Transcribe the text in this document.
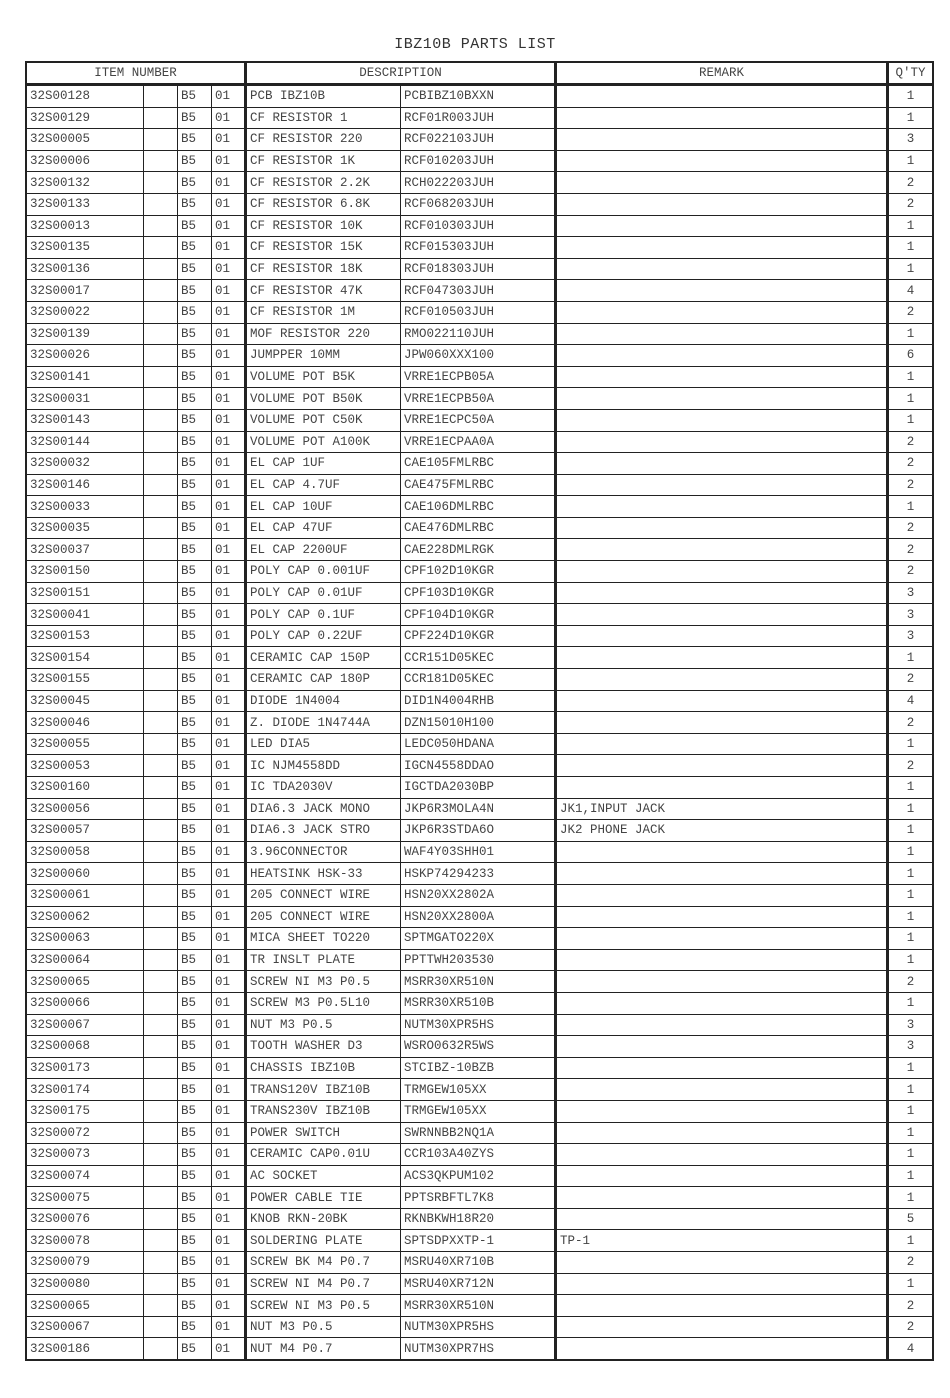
IBZ10B PARTS LIST
ITEM NUMBER				DESCRIPTION		REMARK	Q'TY
32S00128		B5	01	PCB IBZ10B	PCBIBZ10BXXN		1
32S00129		B5	01	CF RESISTOR 1	RCF01R003JUH		1
32S00005		B5	01	CF RESISTOR 220	RCF022103JUH		3
32S00006		B5	01	CF RESISTOR 1K	RCF010203JUH		1
32S00132		B5	01	CF RESISTOR 2.2K	RCH022203JUH		2
32S00133		B5	01	CF RESISTOR 6.8K	RCF068203JUH		2
32S00013		B5	01	CF RESISTOR 10K	RCF010303JUH		1
32S00135		B5	01	CF RESISTOR 15K	RCF015303JUH		1
32S00136		B5	01	CF RESISTOR 18K	RCF018303JUH		1
32S00017		B5	01	CF RESISTOR 47K	RCF047303JUH		4
32S00022		B5	01	CF RESISTOR 1M	RCF010503JUH		2
32S00139		B5	01	MOF RESISTOR 220	RMO022110JUH		1
32S00026		B5	01	JUMPPER 10MM	JPW060XXX100		6
32S00141		B5	01	VOLUME POT B5K	VRRE1ECPB05A		1
32S00031		B5	01	VOLUME POT B50K	VRRE1ECPB50A		1
32S00143		B5	01	VOLUME POT C50K	VRRE1ECPC50A		1
32S00144		B5	01	VOLUME POT A100K	VRRE1ECPAA0A		2
32S00032		B5	01	EL CAP 1UF	CAE105FMLRBC		2
32S00146		B5	01	EL CAP 4.7UF	CAE475FMLRBC		2
32S00033		B5	01	EL CAP 10UF	CAE106DMLRBC		1
32S00035		B5	01	EL CAP 47UF	CAE476DMLRBC		2
32S00037		B5	01	EL CAP 2200UF	CAE228DMLRGK		2
32S00150		B5	01	POLY CAP 0.001UF	CPF102D10KGR		2
32S00151		B5	01	POLY CAP 0.01UF	CPF103D10KGR		3
32S00041		B5	01	POLY CAP 0.1UF	CPF104D10KGR		3
32S00153		B5	01	POLY CAP 0.22UF	CPF224D10KGR		3
32S00154		B5	01	CERAMIC CAP 150P	CCR151D05KEC		1
32S00155		B5	01	CERAMIC CAP 180P	CCR181D05KEC		2
32S00045		B5	01	DIODE 1N4004	DID1N4004RHB		4
32S00046		B5	01	Z. DIODE 1N4744A	DZN15010H100		2
32S00055		B5	01	LED DIA5	LEDC050HDANA		1
32S00053		B5	01	IC NJM4558DD	IGCN4558DDAO		2
32S00160		B5	01	IC TDA2030V	IGCTDA2030BP		1
32S00056		B5	01	DIA6.3 JACK MONO	JKP6R3MOLA4N	JK1,INPUT JACK	1
32S00057		B5	01	DIA6.3 JACK STRO	JKP6R3STDA6O	JK2 PHONE JACK	1
32S00058		B5	01	3.96CONNECTOR	WAF4Y03SHH01		1
32S00060		B5	01	HEATSINK HSK-33	HSKP74294233		1
32S00061		B5	01	205 CONNECT WIRE	HSN20XX2802A		1
32S00062		B5	01	205 CONNECT WIRE	HSN20XX2800A		1
32S00063		B5	01	MICA SHEET TO220	SPTMGATO220X		1
32S00064		B5	01	TR INSLT PLATE	PPTTWH203530		1
32S00065		B5	01	SCREW NI M3 P0.5	MSRR30XR510N		2
32S00066		B5	01	SCREW M3 P0.5L10	MSRR30XR510B		1
32S00067		B5	01	NUT M3 P0.5	NUTM30XPR5HS		3
32S00068		B5	01	TOOTH WASHER D3	WSRO0632R5WS		3
32S00173		B5	01	CHASSIS IBZ10B	STCIBZ-10BZB		1
32S00174		B5	01	TRANS120V IBZ10B	TRMGEW105XX		1
32S00175		B5	01	TRANS230V IBZ10B	TRMGEW105XX		1
32S00072		B5	01	POWER SWITCH	SWRNNBB2NQ1A		1
32S00073		B5	01	CERAMIC CAP0.01U	CCR103A40ZYS		1
32S00074		B5	01	AC SOCKET	ACS3QKPUM102		1
32S00075		B5	01	POWER CABLE TIE	PPTSRBFTL7K8		1
32S00076		B5	01	KNOB RKN-20BK	RKNBKWH18R20		5
32S00078		B5	01	SOLDERING PLATE	SPTSDPXXTP-1	TP-1	1
32S00079		B5	01	SCREW BK M4 P0.7	MSRU40XR710B		2
32S00080		B5	01	SCREW NI M4 P0.7	MSRU40XR712N		1
32S00065		B5	01	SCREW NI M3 P0.5	MSRR30XR510N		2
32S00067		B5	01	NUT M3 P0.5	NUTM30XPR5HS		2
32S00186		B5	01	NUT M4 P0.7	NUTM30XPR7HS		4
